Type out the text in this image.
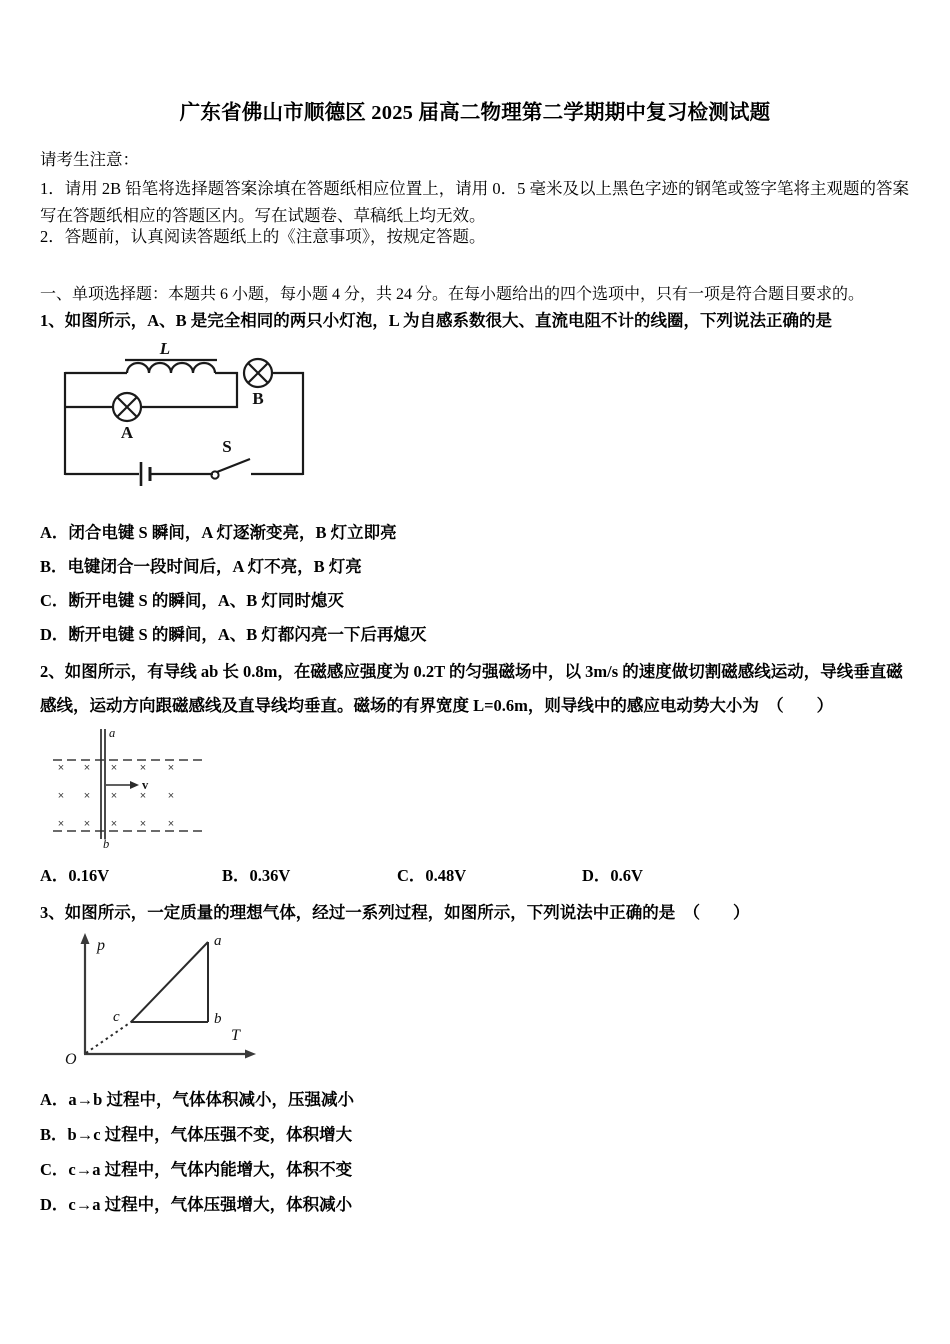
广东省佛山市顺德区 2025 届高二物理第二学期期中复习检测试题
请考生注意：
1．请用 2B 铅笔将选择题答案涂填在答题纸相应位置上，请用 0．5 毫米及以上黑色字迹的钢笔或签字笔将主观题的答案写在答题纸相应的答题区内。写在试题卷、草稿纸上均无效。
2．答题前，认真阅读答题纸上的《注意事项》，按规定答题。
一、单项选择题：本题共 6 小题，每小题 4 分，共 24 分。在每小题给出的四个选项中，只有一项是符合题目要求的。
1、如图所示，A、B 是完全相同的两只小灯泡，L 为自感系数很大、直流电阻不计的线圈，下列说法正确的是
L
A
B
S
A．闭合电键 S 瞬间，A 灯逐渐变亮，B 灯立即亮
B．电键闭合一段时间后，A 灯不亮，B 灯亮
C．断开电键 S 的瞬间，A、B 灯同时熄灭
D．断开电键 S 的瞬间，A、B 灯都闪亮一下后再熄灭
2、如图所示，有导线 ab 长 0.8m，在磁感应强度为 0.2T 的匀强磁场中，以 3m/s 的速度做切割磁感线运动，导线垂直磁感线，运动方向跟磁感线及直导线均垂直。磁场的有界宽度 L=0.6m，则导线中的感应电动势大小为　（　　）
a
b
× × × × ×
× × × × ×
× × × × ×
v
A．0.16V	B．0.36V	C．0.48V	D．0.6V
3、如图所示，一定质量的理想气体，经过一系列过程，如图所示，下列说法中正确的是　（　　）
p
T
O
a
b
c
A．a→b 过程中，气体体积减小，压强减小
B．b→c 过程中，气体压强不变，体积增大
C．c→a 过程中，气体内能增大，体积不变
D．c→a 过程中，气体压强增大，体积减小
